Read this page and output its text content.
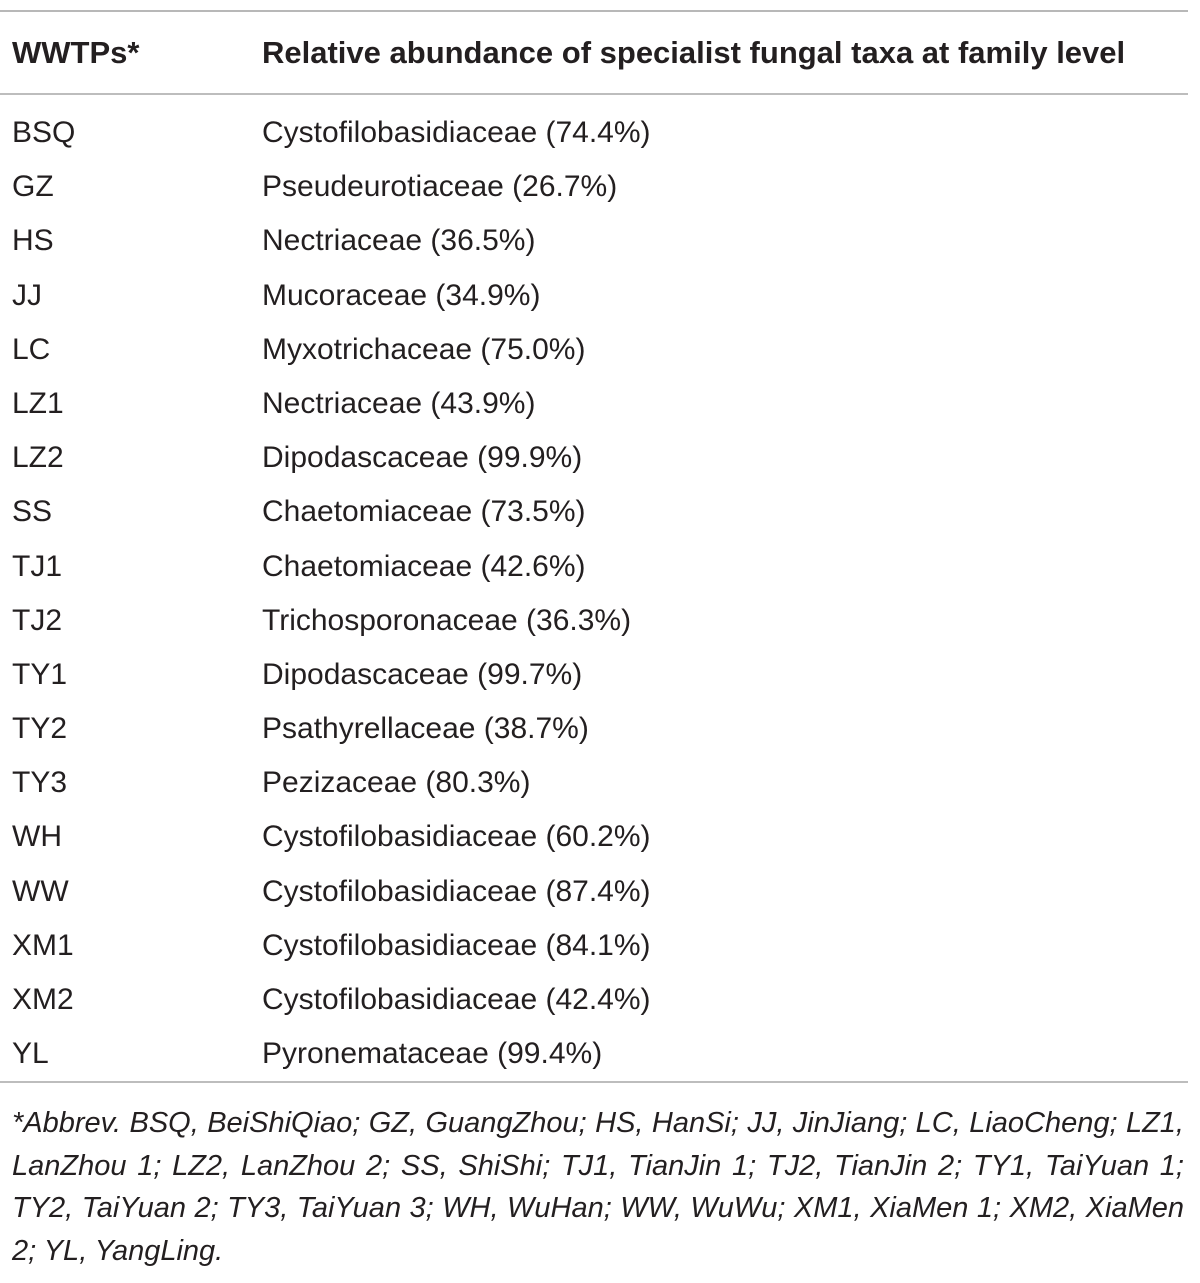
WWTPs*	Relative abundance of specialist fungal taxa at family level
BSQ	Cystofilobasidiaceae (74.4%)
GZ	Pseudeurotiaceae (26.7%)
HS	Nectriaceae (36.5%)
JJ	Mucoraceae (34.9%)
LC	Myxotrichaceae (75.0%)
LZ1	Nectriaceae (43.9%)
LZ2	Dipodascaceae (99.9%)
SS	Chaetomiaceae (73.5%)
TJ1	Chaetomiaceae (42.6%)
TJ2	Trichosporonaceae (36.3%)
TY1	Dipodascaceae (99.7%)
TY2	Psathyrellaceae (38.7%)
TY3	Pezizaceae (80.3%)
WH	Cystofilobasidiaceae (60.2%)
WW	Cystofilobasidiaceae (87.4%)
XM1	Cystofilobasidiaceae (84.1%)
XM2	Cystofilobasidiaceae (42.4%)
YL	Pyronemataceae (99.4%)
*Abbrev. BSQ, BeiShiQiao; GZ, GuangZhou; HS, HanSi; JJ, JinJiang; LC, LiaoCheng; LZ1, LanZhou 1; LZ2, LanZhou 2; SS, ShiShi; TJ1, TianJin 1; TJ2, TianJin 2; TY1, TaiYuan 1; TY2, TaiYuan 2; TY3, TaiYuan 3; WH, WuHan; WW, WuWu; XM1, XiaMen 1; XM2, XiaMen 2; YL, YangLing.
